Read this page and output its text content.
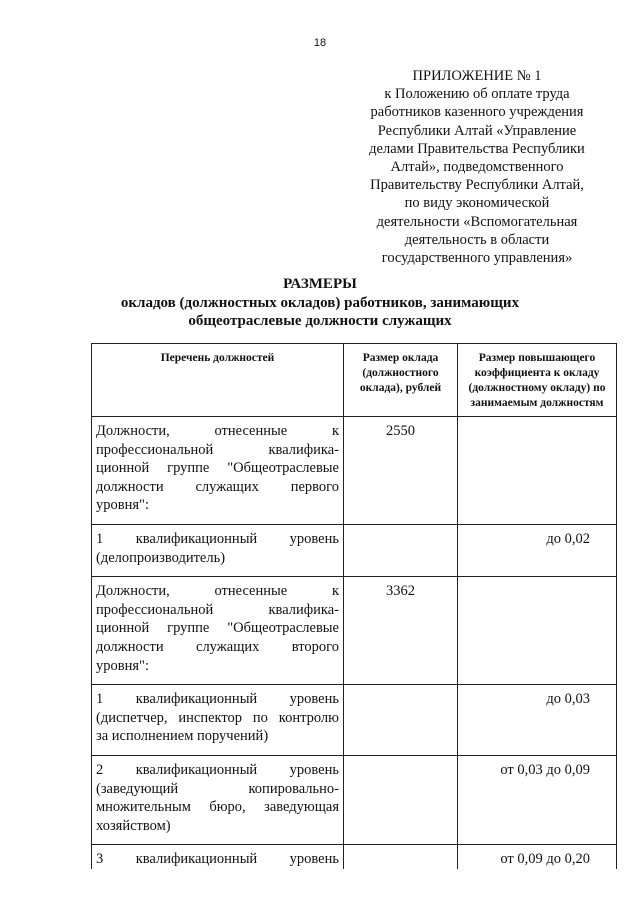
18
ПРИЛОЖЕНИЕ № 1
к Положению об оплате труда
работников казенного учреждения
Республики Алтай «Управление
делами Правительства Республики
Алтай», подведомственного
Правительству Республики Алтай,
по виду экономической
деятельности «Вспомогательная
деятельность в области
государственного управления»
РАЗМЕРЫ
окладов (должностных окладов) работников, занимающих
общеотраслевые должности служащих
Перечень должностей	Размер оклада (должностного оклада), рублей	Размер повышающего коэффициента к окладу (должностному окладу) по занимаемым должностям

Должности, отнесенные к
профессиональной квалифика-
ционной группе "Общеотраслевые
должности служащих первого
уровня":	2550	

1 квалификационный уровень
(делопроизводитель)		до 0,02

Должности, отнесенные к
профессиональной квалифика-
ционной группе "Общеотраслевые
должности служащих второго
уровня":	3362	

1 квалификационный уровень
(диспетчер, инспектор по контролю
за исполнением поручений)		до 0,03

2 квалификационный уровень
(заведующий копировально-
множительным бюро, заведующая
хозяйством)		от 0,03 до 0,09

3 квалификационный уровень		от 0,09 до 0,20
